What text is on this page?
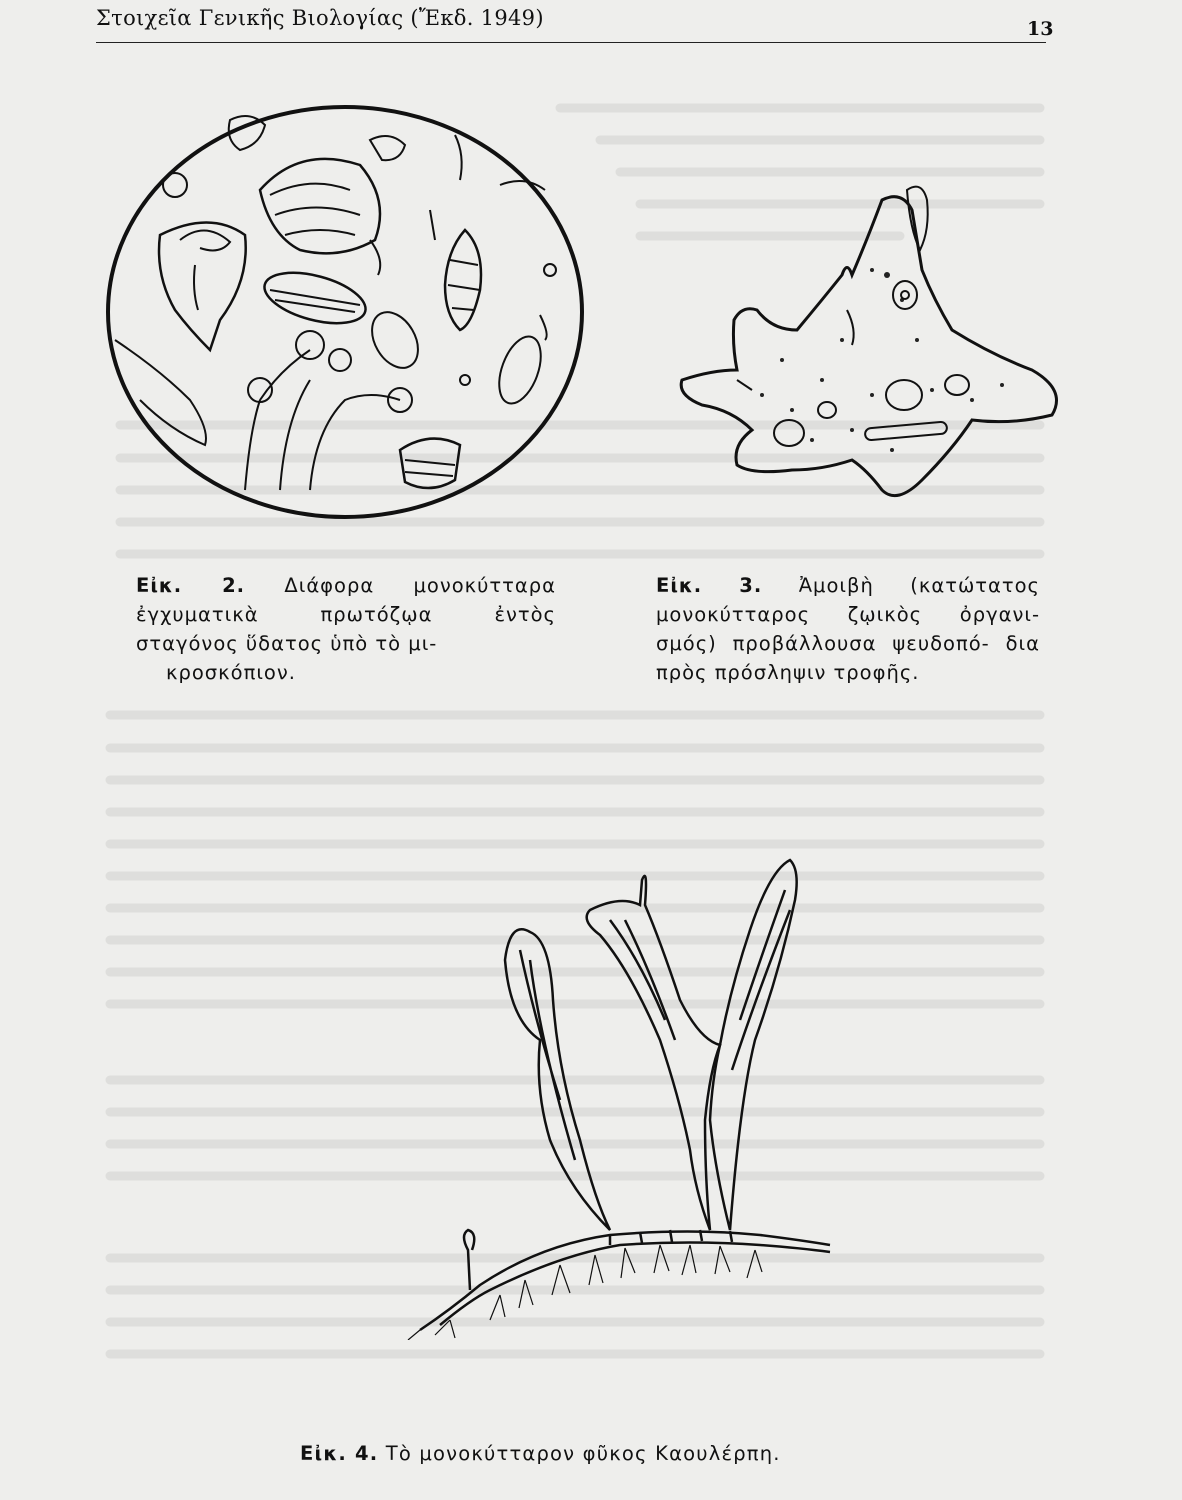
Στοιχεῖα Γενικῆς Βιολογίας (Ἔκδ. 1949)	13
Εἰκ. 2. Διάφορα μονοκύτταρα ἐγχυματικὰ πρωτόζῳα ἐντὸς σταγόνος ὕδατος ὑπὸ τὸ μι-
κροσκόπιον.
Εἰκ. 3. Ἀμοιβὴ (κατώτατος μονοκύτταρος ζῳικὸς ὀργανι- σμός) προβάλλουσα ψευδοπό- δια πρὸς πρόσληψιν τροφῆς.
Εἰκ. 4. Τὸ μονοκύτταρον φῦκος Καουλέρπη.
